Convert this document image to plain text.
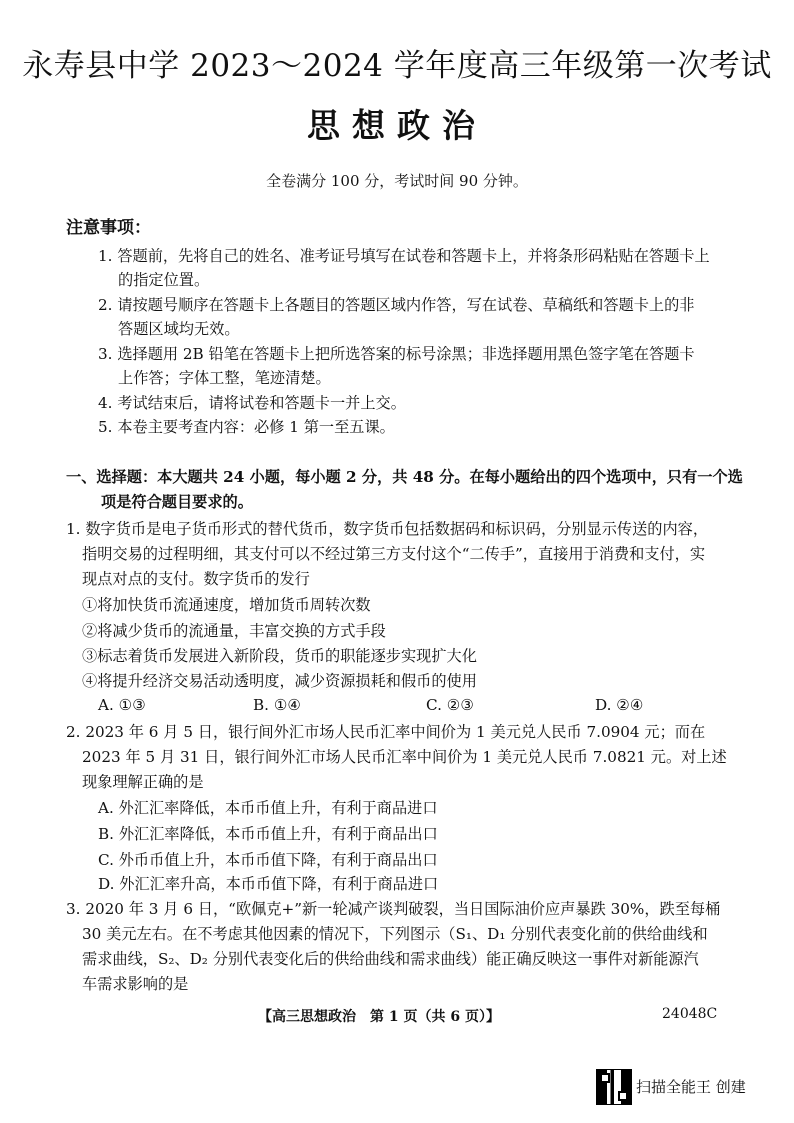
永寿县中学 2023～2024 学年度高三年级第一次考试
思想政治
全卷满分 100 分，考试时间 90 分钟。
注意事项：
1. 答题前，先将自己的姓名、准考证号填写在试卷和答题卡上，并将条形码粘贴在答题卡上
的指定位置。
2. 请按题号顺序在答题卡上各题目的答题区域内作答，写在试卷、草稿纸和答题卡上的非
答题区域均无效。
3. 选择题用 2B 铅笔在答题卡上把所选答案的标号涂黑；非选择题用黑色签字笔在答题卡
上作答；字体工整，笔迹清楚。
4. 考试结束后，请将试卷和答题卡一并上交。
5. 本卷主要考查内容：必修 1 第一至五课。
一、选择题：本大题共 24 小题，每小题 2 分，共 48 分。在每小题给出的四个选项中，只有一个选
项是符合题目要求的。
1. 数字货币是电子货币形式的替代货币，数字货币包括数据码和标识码，分别显示传送的内容，
指明交易的过程明细，其支付可以不经过第三方支付这个“二传手”，直接用于消费和支付，实
现点对点的支付。数字货币的发行
①将加快货币流通速度，增加货币周转次数
②将减少货币的流通量，丰富交换的方式手段
③标志着货币发展进入新阶段，货币的职能逐步实现扩大化
④将提升经济交易活动透明度，减少资源损耗和假币的使用
A. ①③	B. ①④	C. ②③	D. ②④
2. 2023 年 6 月 5 日，银行间外汇市场人民币汇率中间价为 1 美元兑人民币 7.0904 元；而在
2023 年 5 月 31 日，银行间外汇市场人民币汇率中间价为 1 美元兑人民币 7.0821 元。对上述
现象理解正确的是
A. 外汇汇率降低，本币币值上升，有利于商品进口
B. 外汇汇率降低，本币币值上升，有利于商品出口
C. 外币币值上升，本币币值下降，有利于商品出口
D. 外汇汇率升高，本币币值下降，有利于商品进口
3. 2020 年 3 月 6 日，“欧佩克+”新一轮减产谈判破裂，当日国际油价应声暴跌 30%，跌至每桶
30 美元左右。在不考虑其他因素的情况下，下列图示（S₁、D₁ 分别代表变化前的供给曲线和
需求曲线，S₂、D₂ 分别代表变化后的供给曲线和需求曲线）能正确反映这一事件对新能源汽
车需求影响的是
【高三思想政治　第 1 页（共 6 页）】	24048C
扫描全能王 创建
